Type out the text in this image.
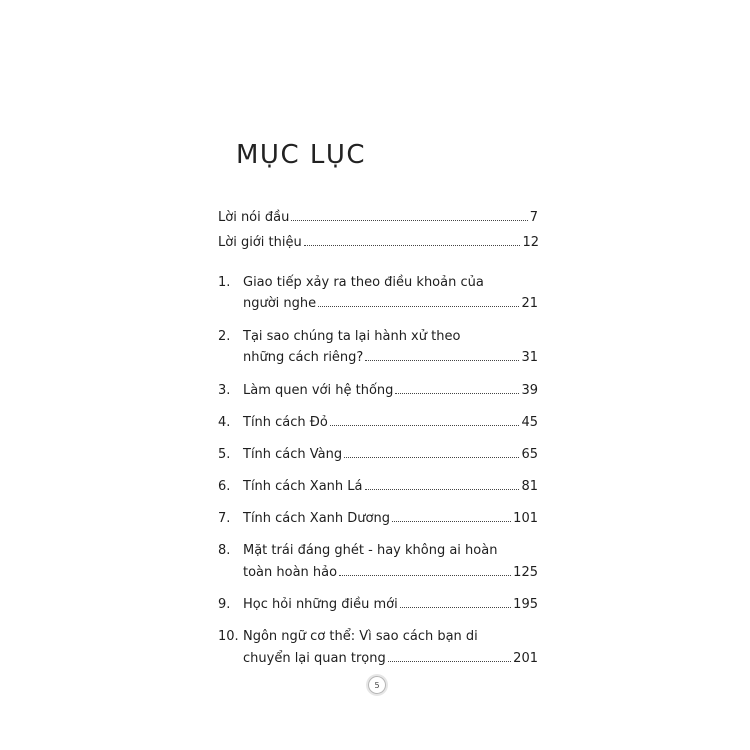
MỤC LỤC
Lời nói đầu	7
Lời giới thiệu	12
1. Giao tiếp xảy ra theo điều khoản của
người nghe	21
2. Tại sao chúng ta lại hành xử theo
những cách riêng?	31
3. Làm quen với hệ thống	39
4. Tính cách Đỏ	45
5. Tính cách Vàng	65
6. Tính cách Xanh Lá	81
7. Tính cách Xanh Dương	101
8. Mặt trái đáng ghét - hay không ai hoàn
toàn hoàn hảo	125
9. Học hỏi những điều mới	195
10. Ngôn ngữ cơ thể: Vì sao cách bạn di
chuyển lại quan trọng	201
5
